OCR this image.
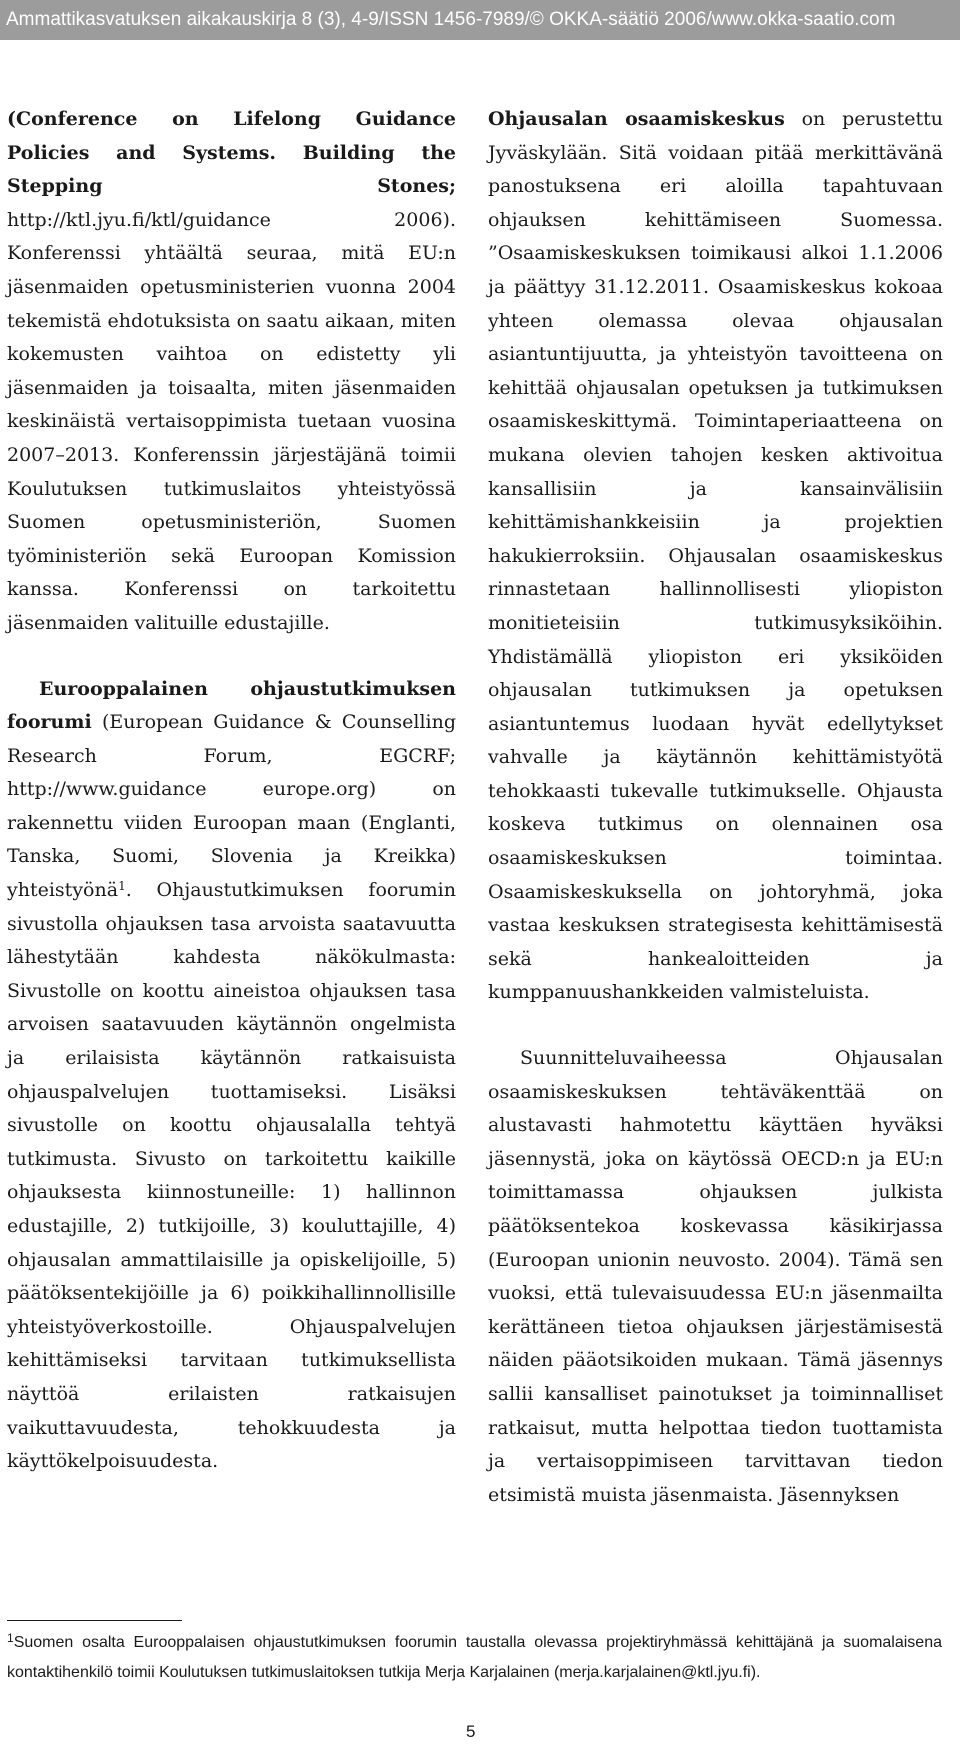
Ammattikasvatuksen aikakauskirja 8 (3), 4-9/ISSN 1456-7989/© OKKA-säätiö 2006/www.okka-saatio.com

(Conference on Lifelong Guidance Policies and Systems. Building the Stepping Stones; http://ktl.jyu.fi/ktl/guidance 2006). Konferenssi yhtäältä seuraa, mitä EU:n jäsenmaiden opetusministerien vuonna 2004 tekemistä ehdotuksista on saatu aikaan, miten kokemusten vaihtoa on edistetty yli jäsenmaiden ja toisaalta, miten jäsenmaiden keskinäistä vertaisoppimista tuetaan vuosina 2007–2013. Konferenssin järjestäjänä toimii Koulutuksen tutkimuslaitos yhteistyössä Suomen opetusministeriön, Suomen työministeriön sekä Euroopan Komission kanssa. Konferenssi on tarkoitettu jäsenmaiden valituille edustajille.

Eurooppalainen ohjaustutkimuksen foorumi (European Guidance & Counselling Research Forum, EGCRF; http://www.guidance europe.org) on rakennettu viiden Euroopan maan (Englanti, Tanska, Suomi, Slovenia ja Kreikka) yhteistyönä$^1$. Ohjaustutkimuksen foorumin sivustolla ohjauksen tasa arvoista saatavuutta lähestytään kahdesta näkökulmasta: Sivustolle on koottu aineistoa ohjauksen tasa arvoisen saatavuuden käytännön ongelmista ja erilaisista käytännön ratkaisuista ohjauspalvelujen tuottamiseksi. Lisäksi sivustolle on koottu ohjausalalla tehtyä tutkimusta. Sivusto on tarkoitettu kaikille ohjauksesta kiinnostuneille: 1) hallinnon edustajille, 2) tutkijoille, 3) kouluttajille, 4) ohjausalan ammattilaisille ja opiskelijoille, 5) päätöksentekijöille ja 6) poikkihallinnollisille yhteistyöverkostoille. Ohjauspalvelujen kehittämiseksi tarvitaan tutkimuksellista näyttöä erilaisten ratkaisujen vaikuttavuudesta, tehokkuudesta ja käyttökelpoisuudesta.

Ohjausalan osaamiskeskus on perustettu Jyväskylään. Sitä voidaan pitää merkittävänä panostuksena eri aloilla tapahtuvaan ohjauksen kehittämiseen Suomessa. ”Osaamiskeskuksen toimikausi alkoi 1.1.2006 ja päättyy 31.12.2011. Osaamiskeskus kokoaa yhteen olemassa olevaa ohjausalan asiantuntijuutta, ja yhteistyön tavoitteena on kehittää ohjausalan opetuksen ja tutkimuksen osaamiskeskittymä. Toimintaperiaatteena on mukana olevien tahojen kesken aktivoitua kansallisiin ja kansainvälisiin kehittämishankkeisiin ja projektien hakukierroksiin. Ohjausalan osaamiskeskus rinnastetaan hallinnollisesti yliopiston monitieteisiin tutkimusyksiköihin. Yhdistämällä yliopiston eri yksiköiden ohjausalan tutkimuksen ja opetuksen asiantuntemus luodaan hyvät edellytykset vahvalle ja käytännön kehittämistyötä tehokkaasti tukevalle tutkimukselle. Ohjausta koskeva tutkimus on olennainen osa osaamiskeskuksen toimintaa. Osaamiskeskuksella on johtoryhmä, joka vastaa keskuksen strategisesta kehittämisestä sekä hankealoitteiden ja kumppanuushankkeiden valmisteluista.

Suunnitteluvaiheessa Ohjausalan osaamiskeskuksen tehtäväkenttää on alustavasti hahmotettu käyttäen hyväksi jäsennystä, joka on käytössä OECD:n ja EU:n toimittamassa ohjauksen julkista päätöksentekoa koskevassa käsikirjassa (Euroopan unionin neuvosto. 2004). Tämä sen vuoksi, että tulevaisuudessa EU:n jäsenmailta kerättäneen tietoa ohjauksen järjestämisestä näiden pääotsikoiden mukaan. Tämä jäsennys sallii kansalliset painotukset ja toiminnalliset ratkaisut, mutta helpottaa tiedon tuottamista ja vertaisoppimiseen tarvittavan tiedon etsimistä muista jäsenmaista. Jäsennyksen

$^1$Suomen osalta Eurooppalaisen ohjaustutkimuksen foorumin taustalla olevassa projektiryhmässä kehittäjänä ja suomalaisena kontaktihenkilö toimii Koulutuksen tutkimuslaitoksen tutkija Merja Karjalainen (merja.karjalainen@ktl.jyu.fi).
5
